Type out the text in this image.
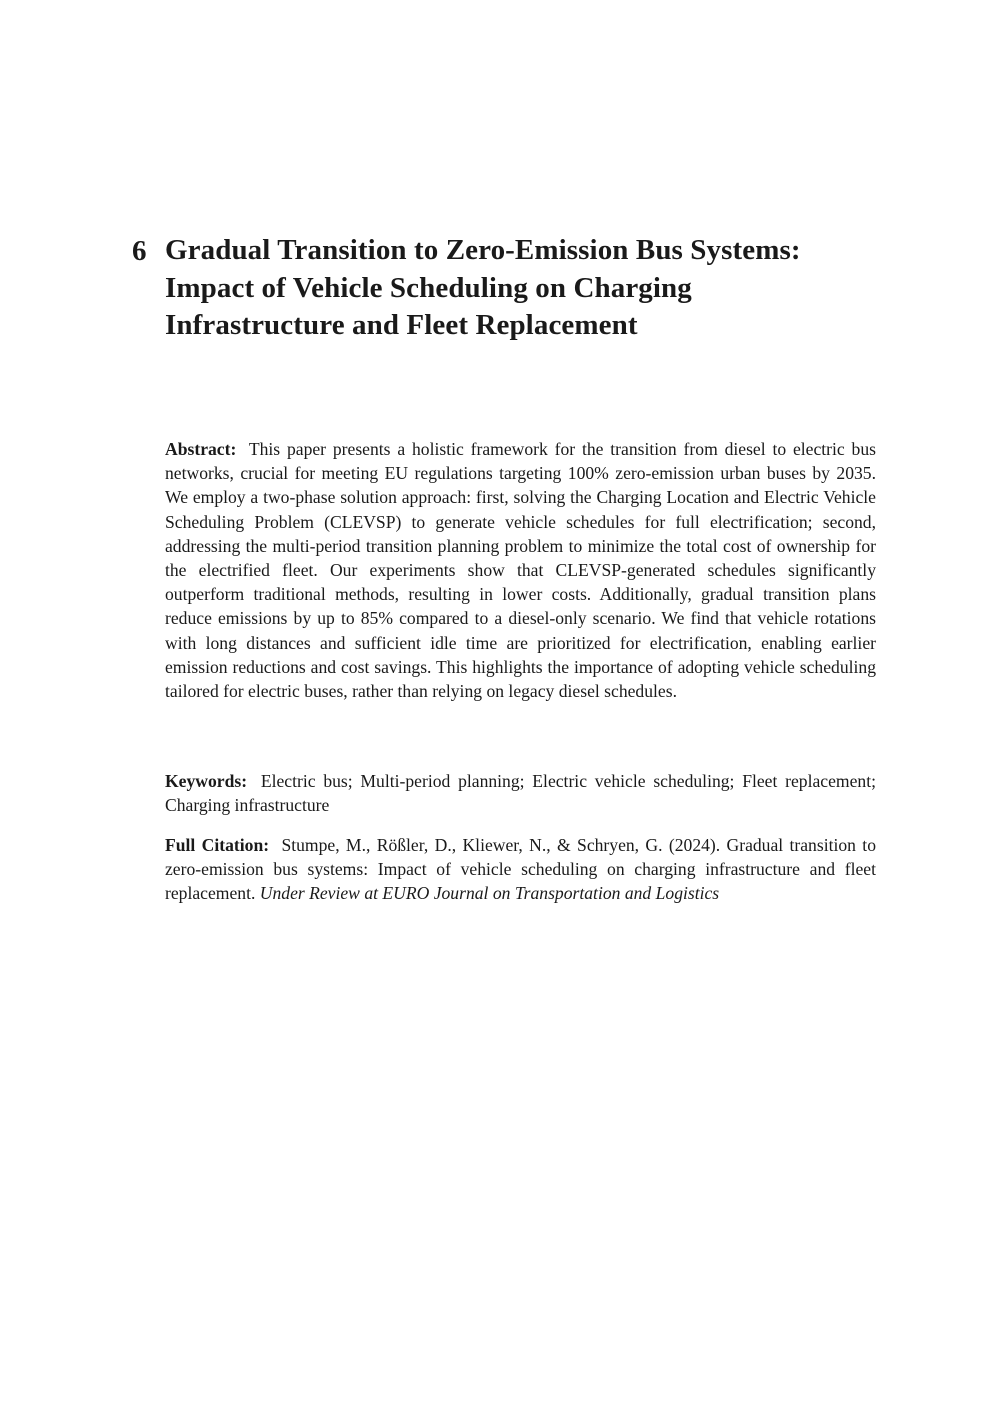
6 Gradual Transition to Zero-Emission Bus Systems: Impact of Vehicle Scheduling on Charging Infrastructure and Fleet Replacement

Abstract: This paper presents a holistic framework for the transition from diesel to electric bus networks, crucial for meeting EU regulations targeting 100% zero-emission urban buses by 2035. We employ a two-phase solution approach: first, solving the Charging Location and Electric Vehicle Scheduling Problem (CLEVSP) to generate vehicle schedules for full electrification; second, addressing the multi-period transition planning problem to minimize the total cost of ownership for the electrified fleet. Our experiments show that CLEVSP-generated schedules significantly outperform traditional methods, resulting in lower costs. Additionally, gradual transition plans reduce emissions by up to 85% compared to a diesel-only scenario. We find that vehicle rotations with long distances and sufficient idle time are prioritized for electrification, enabling earlier emission reductions and cost savings. This highlights the importance of adopting vehicle scheduling tailored for electric buses, rather than relying on legacy diesel schedules.

Keywords: Electric bus; Multi-period planning; Electric vehicle scheduling; Fleet replacement; Charging infrastructure

Full Citation: Stumpe, M., Rößler, D., Kliewer, N., & Schryen, G. (2024). Gradual transition to zero-emission bus systems: Impact of vehicle scheduling on charging infrastructure and fleet replacement. Under Review at EURO Journal on Transportation and Logistics
